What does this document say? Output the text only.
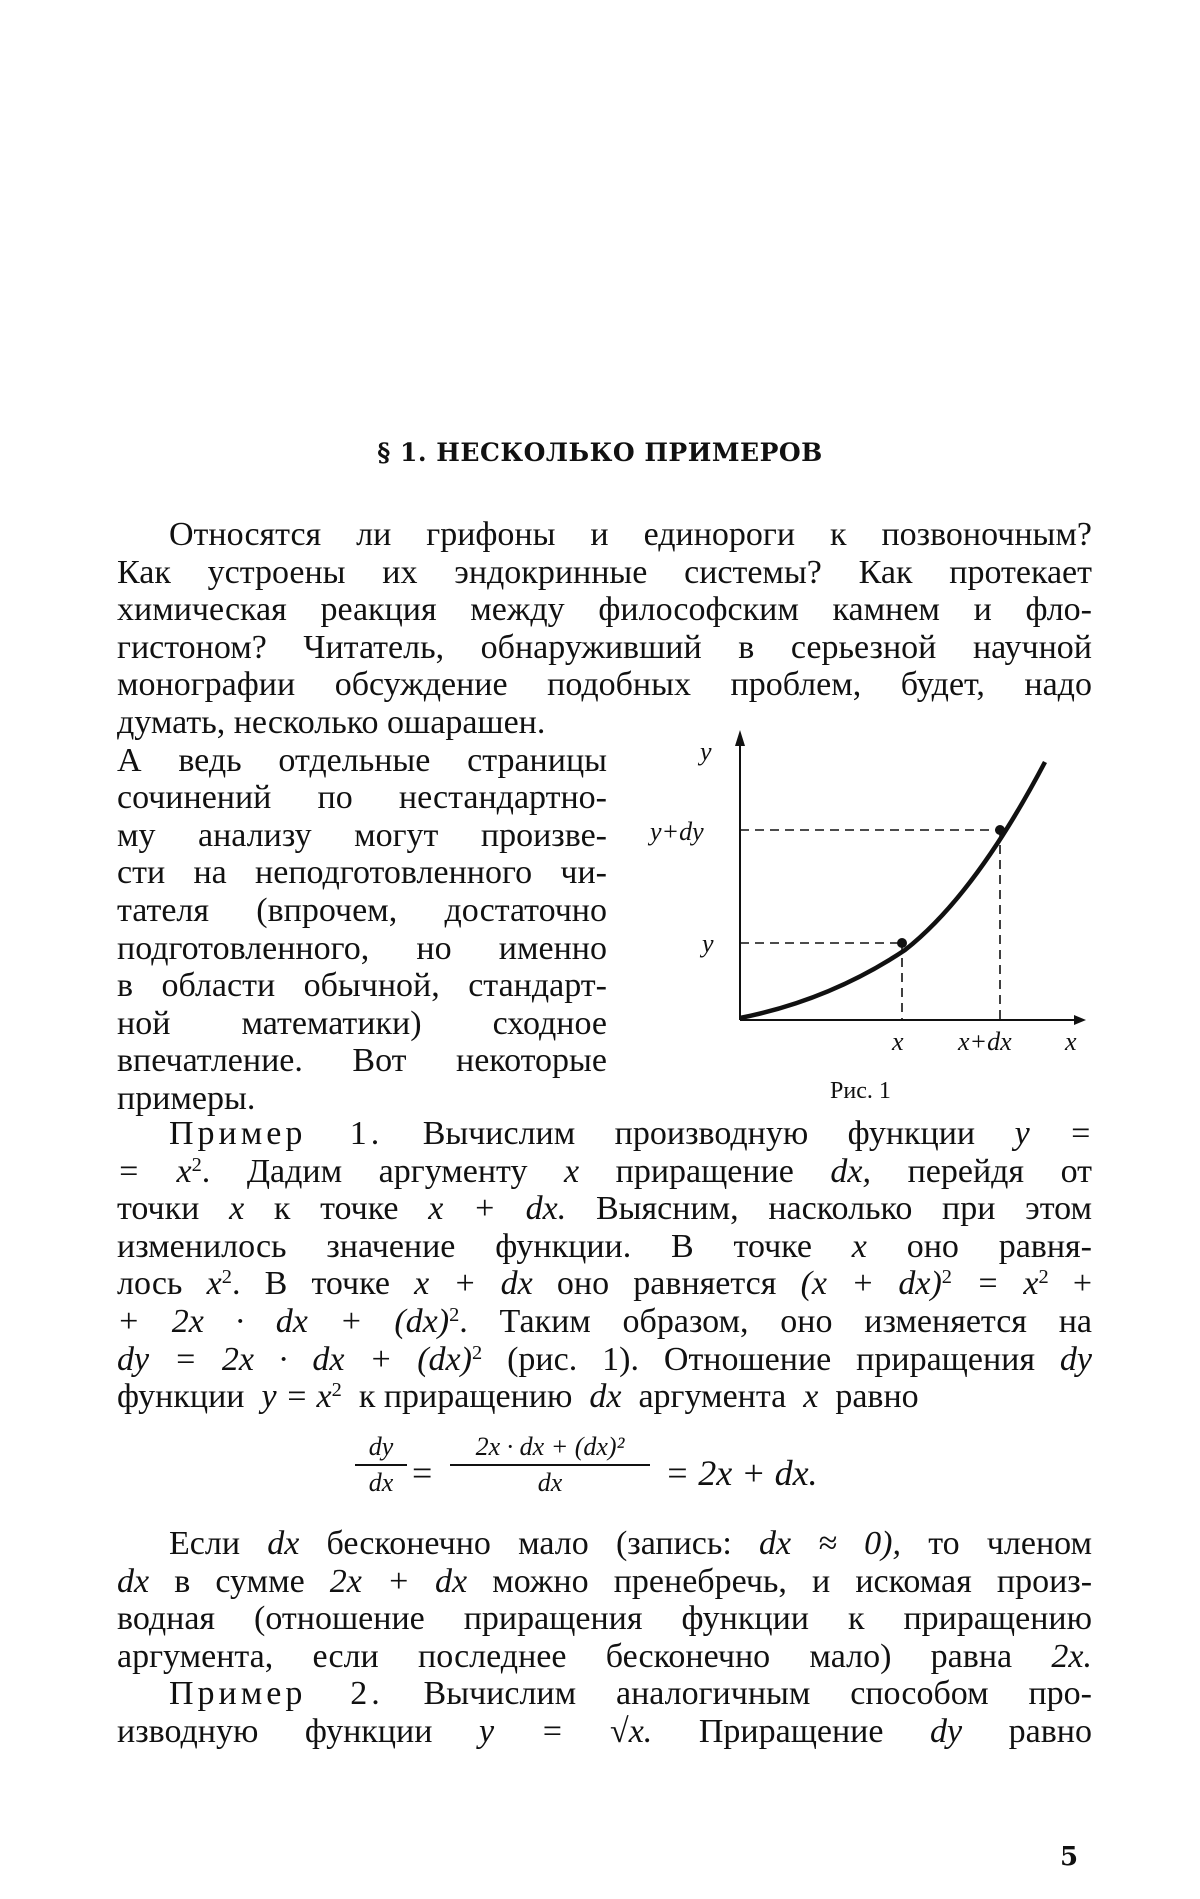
§ 1. НЕСКОЛЬКО ПРИМЕРОВ

Относятся ли грифоны и единороги к позвоночным?

Как устроены их эндокринные системы? Как протекает

химическая реакция между философским камнем и фло-

гистоном? Читатель, обнаруживший в серьезной научной

монографии обсуждение подобных проблем, будет, надо

думать, несколько ошарашен.

А ведь отдельные страницы

сочинений по нестандартно-

му анализу могут произве-

сти на неподготовленного чи-

тателя (впрочем, достаточно

подготовленного, но именно

в области обычной, стандарт-

ной математики) сходное

впечатление. Вот некоторые

примеры.

y
y+dy
y
x x+dx x
Рис. 1

Пример 1. Вычислим производную функции y =

= $x^2$. Дадим аргументу x приращение dx, перейдя от

точки x к точке x + dx. Выясним, насколько при этом

изменилось значение функции. В точке x оно равня-

лось $x^2$. В точке x + dx оно равняется $(x + dx)^2 = x^2$ +

+ 2x · dx + (dx)$^2$. Таким образом, оно изменяется на

dy = 2x · dx + (dx)$^2$ (рис. 1). Отношение приращения dy

функции $y = x^2$ к приращению dx аргумента x равно

dy
dx =
2x · dx + (dx)²
dx	= 2x + dx.

Если dx бесконечно мало (запись: dx ≈ 0), то членом

dx в сумме 2x + dx можно пренебречь, и искомая произ-

водная (отношение приращения функции к приращению

аргумента, если последнее бесконечно мало) равна 2x.

Пример 2. Вычислим аналогичным способом про-

изводную функции y = √x. Приращение dy равно

5
